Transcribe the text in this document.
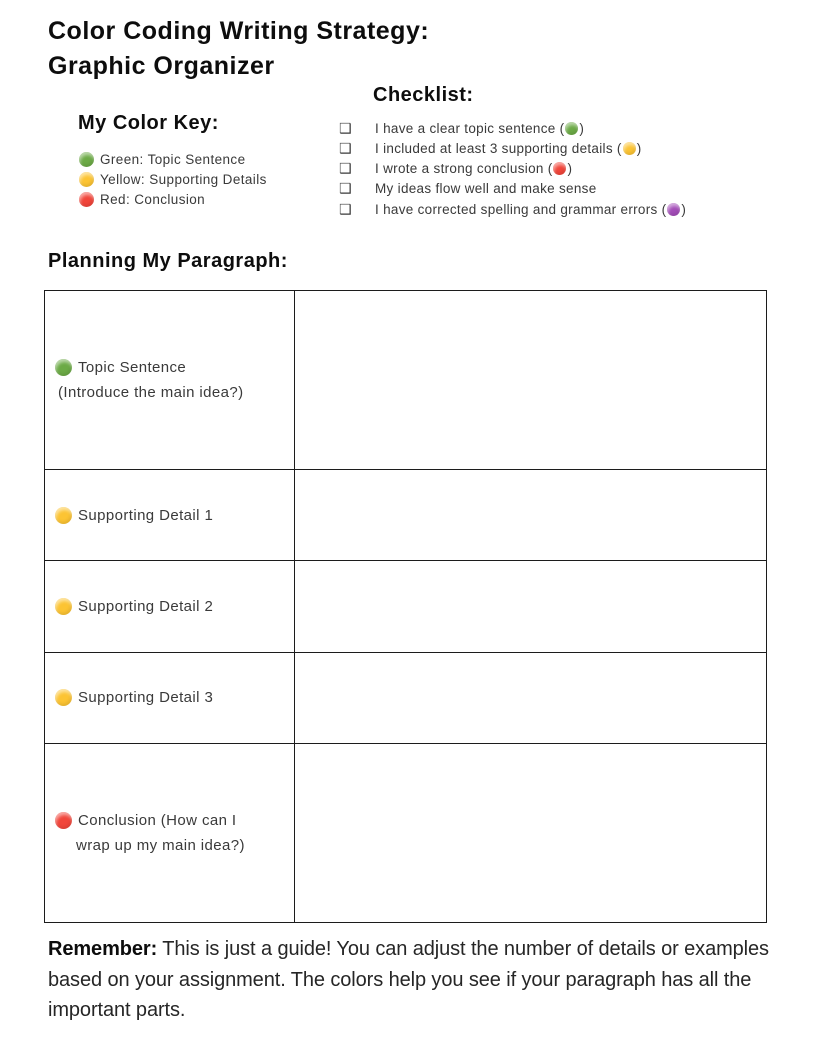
Color Coding Writing Strategy:
Graphic Organizer
My Color Key:
Green: Topic Sentence
Yellow: Supporting Details
Red: Conclusion
Checklist:
❑	I have a clear topic sentence
(
)
❑	I included at least 3 supporting details
(
)
❑	I wrote a strong conclusion
(
)
❑	My ideas flow well and make sense
❑	I have corrected spelling and grammar errors
(
)
Planning My Paragraph:
Topic Sentence
(Introduce the main idea?)	

Supporting Detail 1	

Supporting Detail 2	

Supporting Detail 3	

Conclusion (How can I
wrap up my main idea?)	

Remember: This is just a guide! You can adjust the number of details or examples based on your assignment. The colors help you see if your paragraph has all the important parts.
